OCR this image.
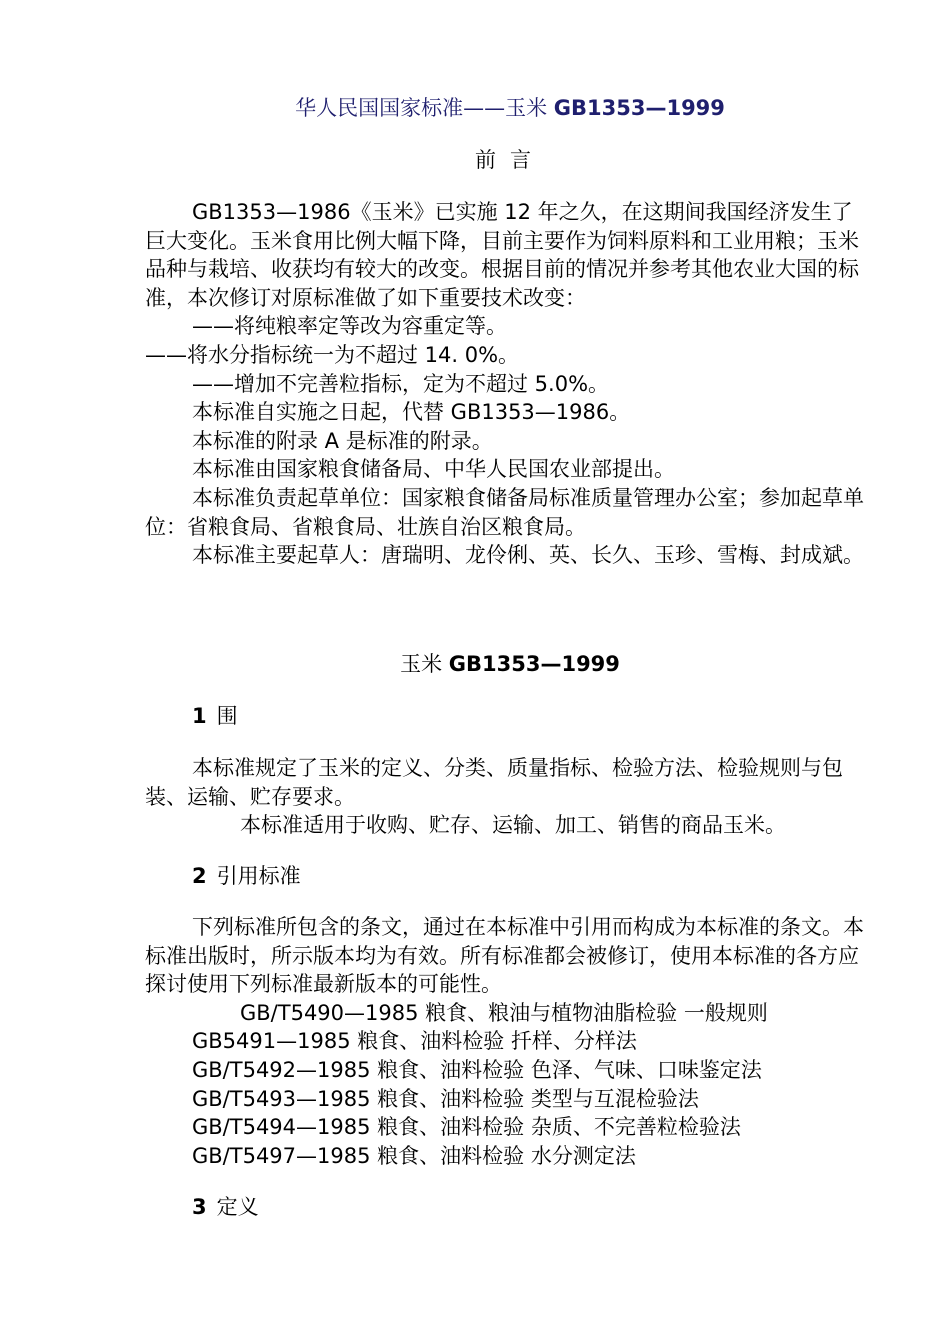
华人民国国家标准——玉米 GB1353—1999
前言

GB1353—1986《玉米》已实施 12 年之久，在这期间我国经济发生了巨大变化。玉米食用比例大幅下降，目前主要作为饲料原料和工业用粮；玉米品种与栽培、收获均有较大的改变。根据目前的情况并参考其他农业大国的标准，本次修订对原标准做了如下重要技术改变：

——将纯粮率定等改为容重定等。

——将水分指标统一为不超过 14. 0%。

——增加不完善粒指标，定为不超过 5.0%。

本标准自实施之日起，代替 GB1353—1986。

本标准的附录 A 是标准的附录。

本标准由国家粮食储备局、中华人民国农业部提出。

本标准负责起草单位：国家粮食储备局标准质量管理办公室；参加起草单位：省粮食局、省粮食局、壮族自治区粮食局。

本标准主要起草人：唐瑞明、龙伶俐、英、长久、玉珍、雪梅、封成斌。

玉米 GB1353—1999
1 围

本标准规定了玉米的定义、分类、质量指标、检验方法、检验规则与包装、运输、贮存要求。

本标准适用于收购、贮存、运输、加工、销售的商品玉米。

2 引用标准

下列标准所包含的条文，通过在本标准中引用而构成为本标准的条文。本标准出版时，所示版本均为有效。所有标准都会被修订，使用本标准的各方应探讨使用下列标准最新版本的可能性。

GB/T5490—1985 粮食、粮油与植物油脂检验 一般规则

GB5491—1985 粮食、油料检验 扦样、分样法

GB/T5492—1985 粮食、油料检验 色泽、气味、口味鉴定法

GB/T5493—1985 粮食、油料检验 类型与互混检验法

GB/T5494—1985 粮食、油料检验 杂质、不完善粒检验法

GB/T5497—1985 粮食、油料检验 水分测定法

3 定义
